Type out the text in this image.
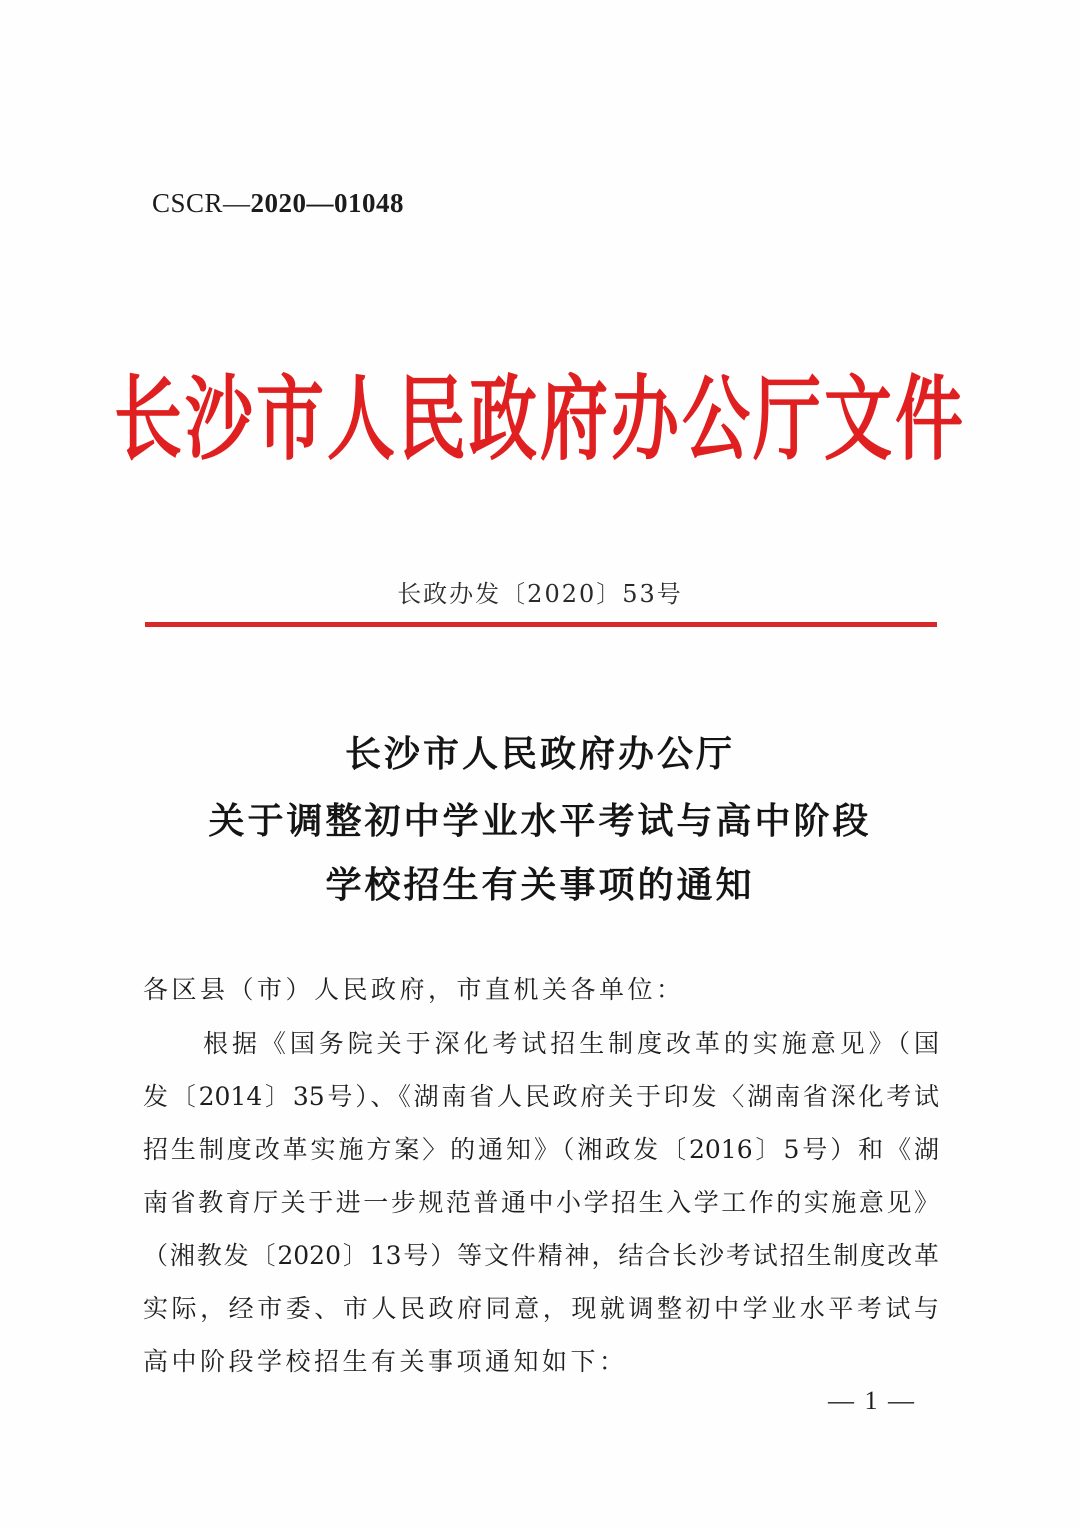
CSCR—2020—01048
长沙市人民政府办公厅文件
长政办发〔2020〕53号
长沙市人民政府办公厅
关于调整初中学业水平考试与高中阶段
学校招生有关事项的通知
各区县（市）人民政府，市直机关各单位：
根据《国务院关于深化考试招生制度改革的实施意见》（国
发〔2014〕35号）、《湖南省人民政府关于印发〈湖南省深化考试
招生制度改革实施方案〉的通知》（湘政发〔2016〕5号）和《湖
南省教育厅关于进一步规范普通中小学招生入学工作的实施意见》
（湘教发〔2020〕13号）等文件精神，结合长沙考试招生制度改革
实际，经市委、市人民政府同意，现就调整初中学业水平考试与
高中阶段学校招生有关事项通知如下：
— 1 —
